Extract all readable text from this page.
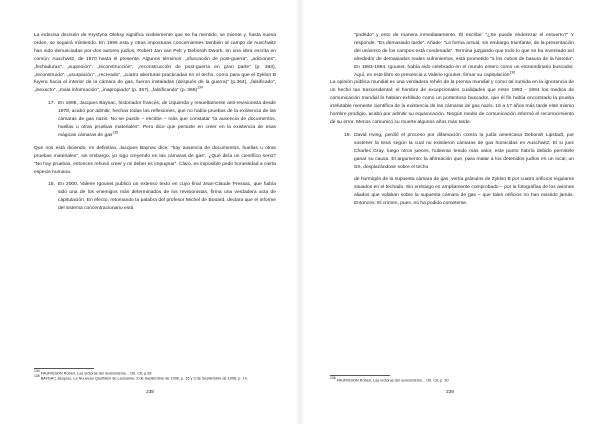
La indecisa decisión de Krystyna Oleksy significa visiblemente que se ha mentido, se miente y, hasta nueva orden, se seguirá mintiendo. En 1996 esta y otras imposturas concernientes también al campo de Auschwitz han sido denunciadas por dos autores judíos, Robert Jan van Pelt y Deborah Dwork, en una obra escrita en común: Auschwitz, de 1970 hasta el presente. Algunos términos: „ofuscación de post-guerra”, „adiciones”, „fechaduras”, „supresión”, „reconstrucción”, „reconstrucción de post-guerra en gran parte” (p. 363), „reconstruido”, „usurpación”, „recreado”, „cuatro aberturas practicadas en el techo, como para que el Zyklon B fuyera hacia el interior de la cámara de gas, fueron instaladas (después de la guerra)” (p.364), „falsificado”, „inexacto”, „mala información”, „inapropiado” (p. 367), „falsificando” (p. 369)$^{134}$

17. En 1996, Jacques Baynac, historiador francés, de izquierda y resueltamente anti-revisionista desde 1978, acabó por admitir, hechas todas las reflexiones, que no había pruebas de la existencia de las cámaras de gas nazis. No se puede – escribe – más que constatar “la ausencia de documentos, huellas u otras pruebas materiales”. Pero dice que persiste en creer en la existencia de esas mágicas cámaras de gas$^{135}$

Que nos está diciendo, en definitiva, Jacques Baynac dice: “hay ausencia de documentos, huellas u otras pruebas materiales", sin embargo, yo sigo creyendo en las cámaras de gas”. ¿Qué diría un científico serio? “No hay pruebas, entonces rehusó creer y mi deber es impugnar”. Claro, es imposible pedir honestidad a cierta especie humana.

18. En 2000, Valerie Igounet publicó un extenso texto en cuyo final Jean-Claude Pressac, que había sido una de los enemigos más determinados de los revisionistas, firma una verdadera acta de capitulación. En efecto, retomando la palabra del profesor Michel de Boüard, declara que el informe del sistema concentracionario está

$^{134}$ FAURISSON Robert, Las víctoras del revisionismo... Ob. Cit, p.28
$^{135}$ BAYNAC Jacques, Le Nouveau Quotidien de Lausanne, 2 de Septiembre de 1996, p. 16 y 3 de Septiembre de 1996, p. 14.
238

“podrido” y esto de manera inmediatamente. Él escribe: “¿Se puede enderezar el entuerto?” Y responde: “Es demasiado tarde”. Añade: “La forma actual, sin embargo triunfante, de la presentación del universo de los campos está condenada”. Termina juzgando que todo lo que se ha inventado así alrededor de demasiados reales sufrimientos, está prometido “a los cubos de basura de la historia”. En 1993-1994, Igounet, había sido celebrado en el mundo entero como un extraordinario buscador. Aquí, en este libro se presencia a Valerie Igounet, firmar su capitulación$^{136}$

La opinión pública mundial es una verdadera rehén de la prensa mundial y como tal sumida en la ignorancia de un hecho tan trascendental: el hombre de excepcionales cualidades que entre 1993 - 1994 los medios de comunicación mundial le habían exhibido como un portentoso buscador, que él fin había encontrado la prueba irrefutable menente científica de la existencia de las cámaras de gas nazis. 16 a 17 años más tarde este mismo hombre prodigio, acabó por admitir su equivocación. Ningún medio de comunicación informó el reconocimiento de su error. Menos comunicó su muerte algunos años más tarde.

19. David Irving, perdió el proceso por difamación contra la judía americana Deborah Lipstadt, por sostener la tesis según la cual no existieron cámaras de gas homicidas en Auschwitz. El si juez Charles Gray, luego otros jueces, hubieran tenido más valor, este punto habría debido permitirle ganar su causa. El argumento: la afirmación que, para matar a los detenidos judíos en un local, un SS, desplazándose sobre el techo

de hormigón de la supuesta cámara de gas, vertía gránulos de Zyklon B por cuatro orificios regulares situados en el techado. Sin embargo es ampliamente comprobado – por la fotografías de los aviones aliados que volaban sobre la supuesta cámara de gas – que tales orificios no han existido jamás. Entonces: El crimen, pues, no ha podido cometerse.

$^{136}$ FAURISSON Robert, Las víctoras del revisionismo... Ob. Cit, p. 30
239
